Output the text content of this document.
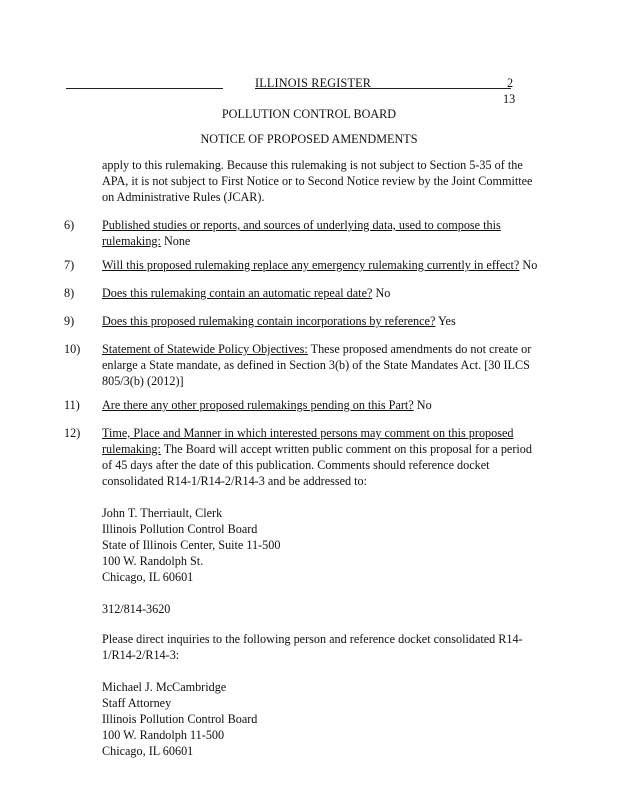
ILLINOIS REGISTER	2
13
POLLUTION CONTROL BOARD
NOTICE OF PROPOSED AMENDMENTS
apply to this rulemaking. Because this rulemaking is not subject to Section 5-35 of the
APA, it is not subject to First Notice or to Second Notice review by the Joint Committee
on Administrative Rules (JCAR).
6) Published studies or reports, and sources of underlying data, used to compose this
rulemaking: None
7) Will this proposed rulemaking replace any emergency rulemaking currently in effect? No
8) Does this rulemaking contain an automatic repeal date? No
9) Does this proposed rulemaking contain incorporations by reference? Yes
10) Statement of Statewide Policy Objectives: These proposed amendments do not create or
enlarge a State mandate, as defined in Section 3(b) of the State Mandates Act. [30 ILCS
805/3(b) (2012)]
11) Are there any other proposed rulemakings pending on this Part? No
12) Time, Place and Manner in which interested persons may comment on this proposed
rulemaking: The Board will accept written public comment on this proposal for a period
of 45 days after the date of this publication. Comments should reference docket
consolidated R14-1/R14-2/R14-3 and be addressed to:
John T. Therriault, Clerk
Illinois Pollution Control Board
State of Illinois Center, Suite 11-500
100 W. Randolph St.
Chicago, IL 60601
312/814-3620
Please direct inquiries to the following person and reference docket consolidated R14-
1/R14-2/R14-3:
Michael J. McCambridge
Staff Attorney
Illinois Pollution Control Board
100 W. Randolph 11-500
Chicago, IL 60601
